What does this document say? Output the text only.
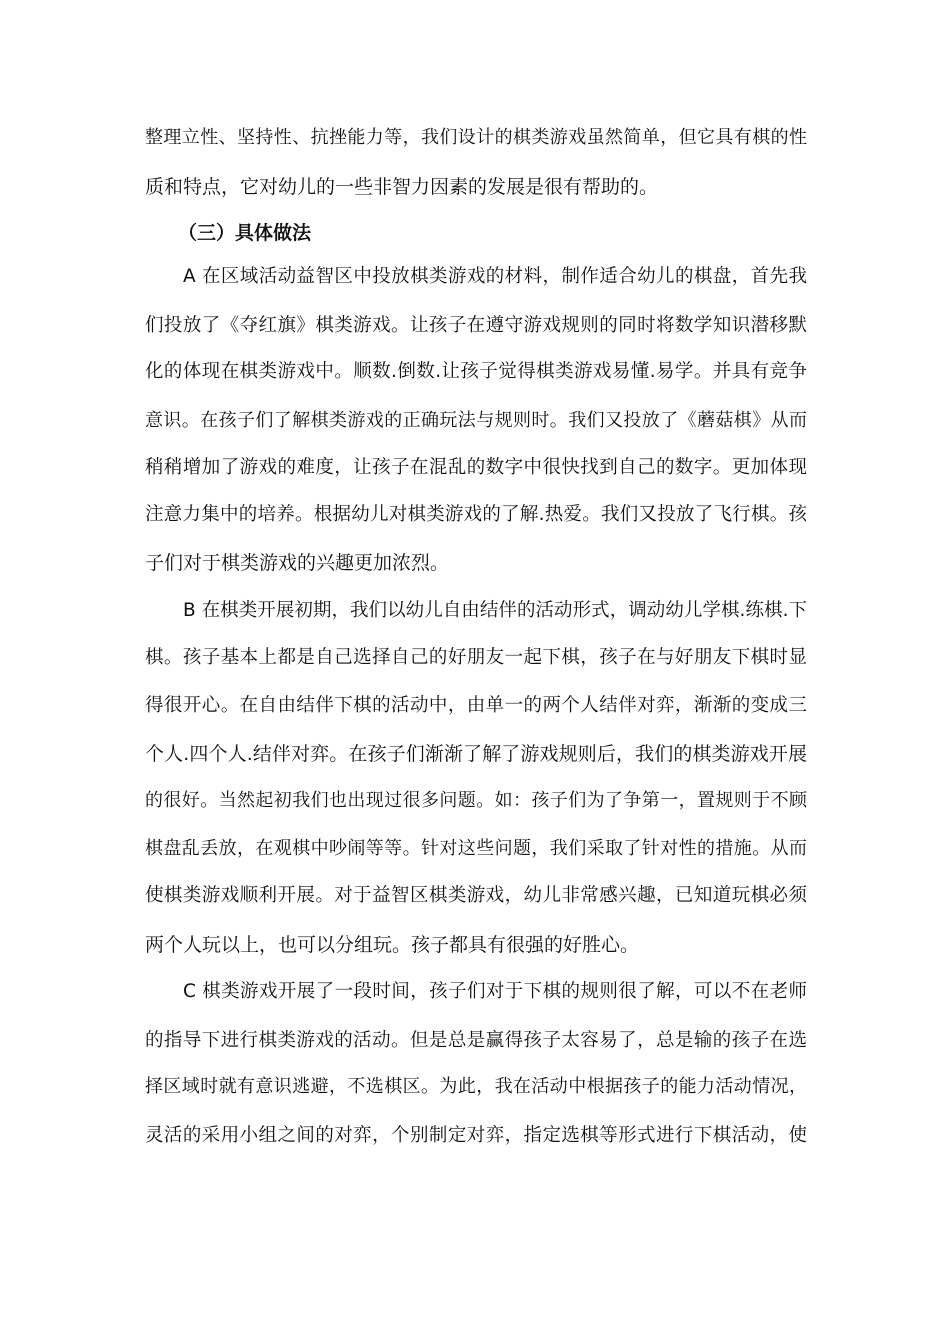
整理立性、坚持性、抗挫能力等，我们设计的棋类游戏虽然简单，但它具有棋的性
质和特点，它对幼儿的一些非智力因素的发展是很有帮助的。
（三）具体做法
A 在区域活动益智区中投放棋类游戏的材料，制作适合幼儿的棋盘，首先我
们投放了《夺红旗》棋类游戏。让孩子在遵守游戏规则的同时将数学知识潜移默
化的体现在棋类游戏中。顺数.倒数.让孩子觉得棋类游戏易懂.易学。并具有竞争
意识。在孩子们了解棋类游戏的正确玩法与规则时。我们又投放了《蘑菇棋》从而
稍稍增加了游戏的难度，让孩子在混乱的数字中很快找到自己的数字。更加体现
注意力集中的培养。根据幼儿对棋类游戏的了解.热爱。我们又投放了飞行棋。孩
子们对于棋类游戏的兴趣更加浓烈。
B 在棋类开展初期，我们以幼儿自由结伴的活动形式，调动幼儿学棋.练棋.下
棋。孩子基本上都是自己选择自己的好朋友一起下棋，孩子在与好朋友下棋时显
得很开心。在自由结伴下棋的活动中，由单一的两个人结伴对弈，渐渐的变成三
个人.四个人.结伴对弈。在孩子们渐渐了解了游戏规则后，我们的棋类游戏开展
的很好。当然起初我们也出现过很多问题。如：孩子们为了争第一，置规则于不顾
棋盘乱丢放，在观棋中吵闹等等。针对这些问题，我们采取了针对性的措施。从而
使棋类游戏顺利开展。对于益智区棋类游戏，幼儿非常感兴趣，已知道玩棋必须
两个人玩以上，也可以分组玩。孩子都具有很强的好胜心。
C 棋类游戏开展了一段时间，孩子们对于下棋的规则很了解，可以不在老师
的指导下进行棋类游戏的活动。但是总是赢得孩子太容易了，总是输的孩子在选
择区域时就有意识逃避，不选棋区。为此，我在活动中根据孩子的能力活动情况，
灵活的采用小组之间的对弈，个别制定对弈，指定选棋等形式进行下棋活动，使
